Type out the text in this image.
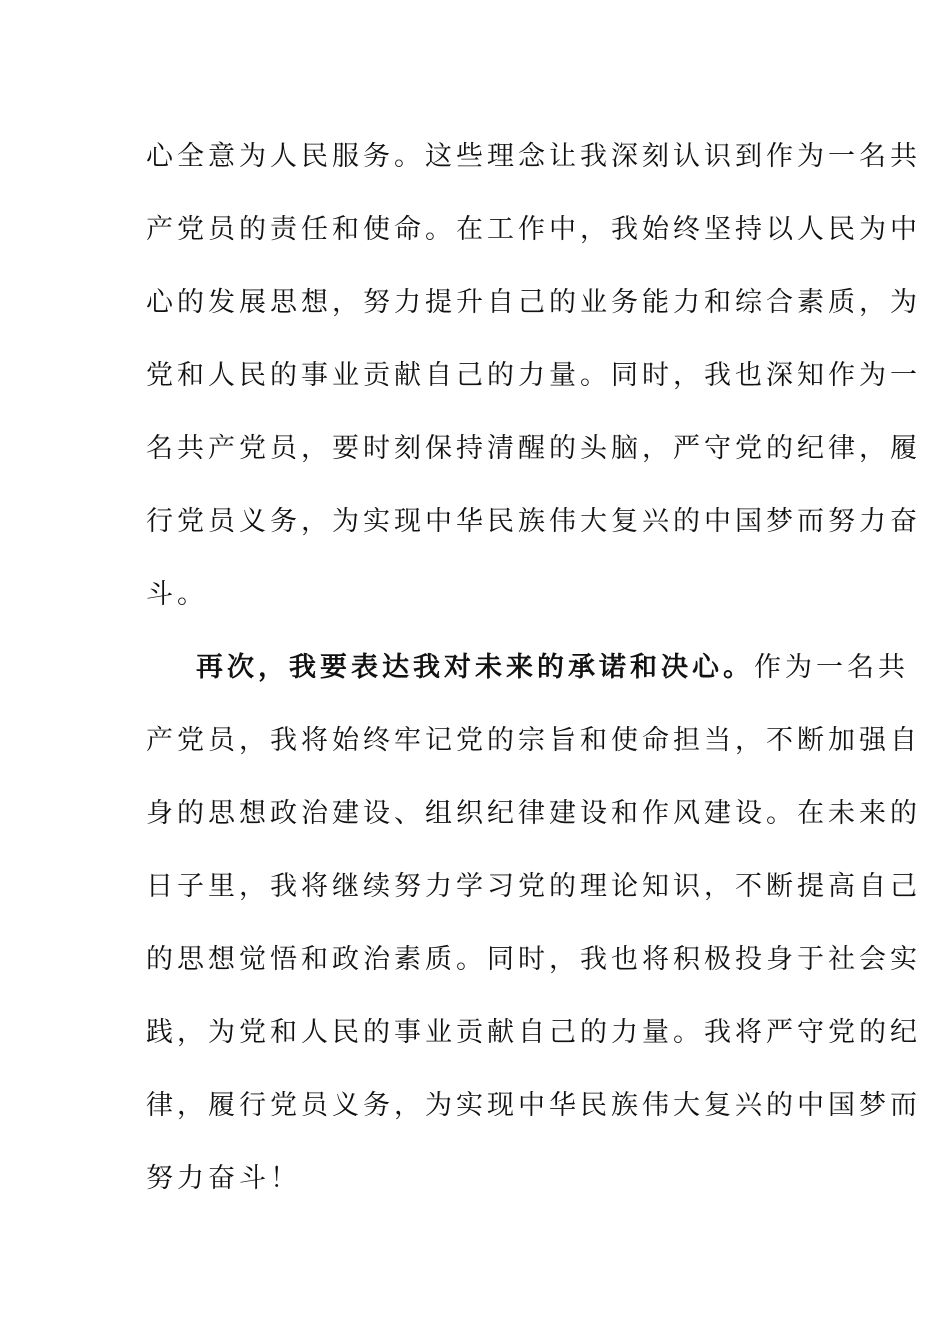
心全意为人民服务。这些理念让我深刻认识到作为一名共
产党员的责任和使命。在工作中，我始终坚持以人民为中
心的发展思想，努力提升自己的业务能力和综合素质，为
党和人民的事业贡献自己的力量。同时，我也深知作为一
名共产党员，要时刻保持清醒的头脑，严守党的纪律，履
行党员义务，为实现中华民族伟大复兴的中国梦而努力奋
斗。
再次，我要表达我对未来的承诺和决心。作为一名共
产党员，我将始终牢记党的宗旨和使命担当，不断加强自
身的思想政治建设、组织纪律建设和作风建设。在未来的
日子里，我将继续努力学习党的理论知识，不断提高自己
的思想觉悟和政治素质。同时，我也将积极投身于社会实
践，为党和人民的事业贡献自己的力量。我将严守党的纪
律，履行党员义务，为实现中华民族伟大复兴的中国梦而
努力奋斗！
